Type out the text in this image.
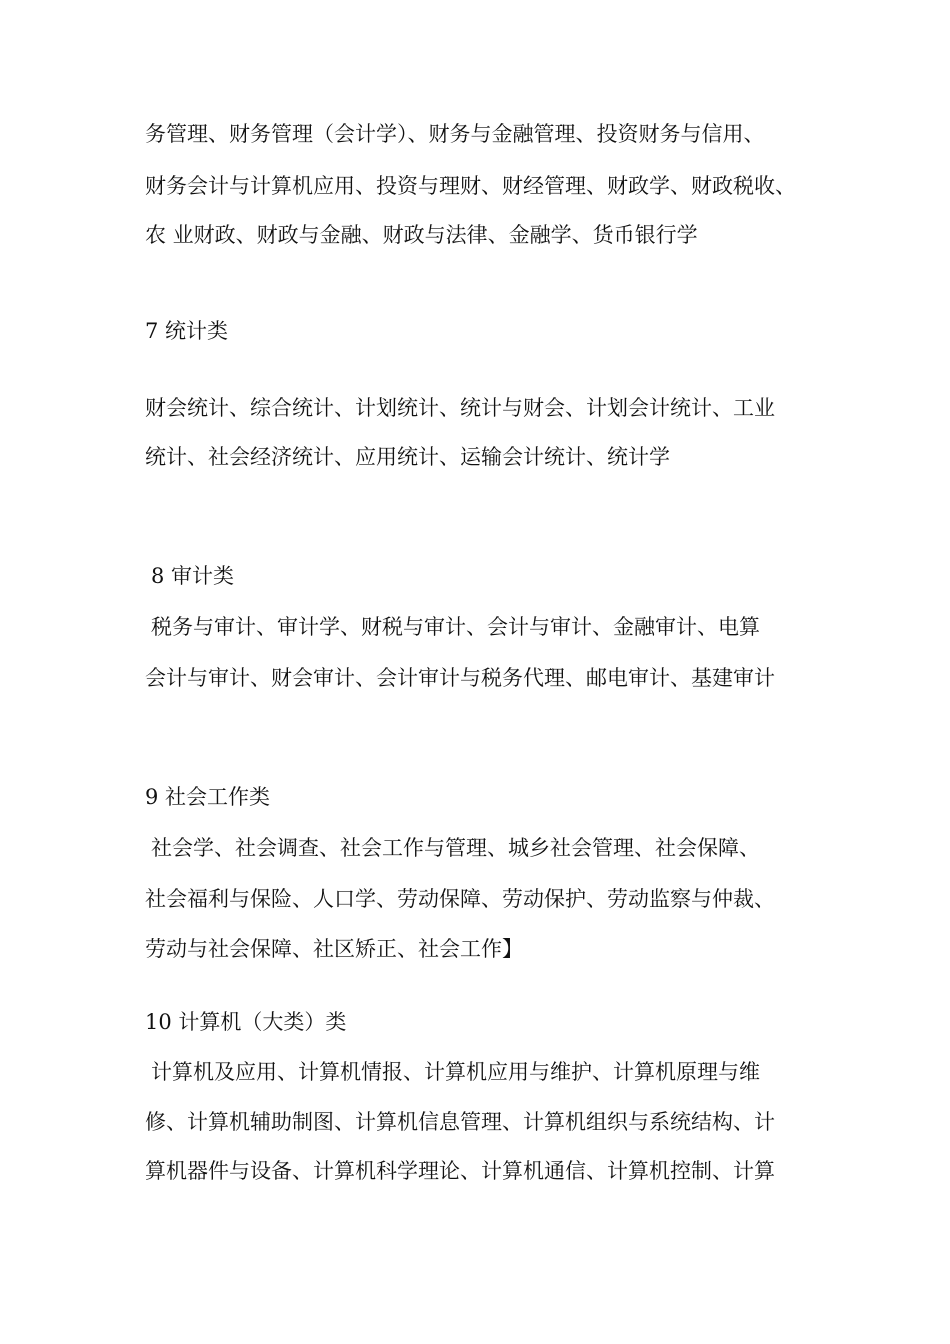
务管理、财务管理（会计学）、财务与金融管理、投资财务与信用、

财务会计与计算机应用、投资与理财、财经管理、财政学、财政税收、

农 业财政、财政与金融、财政与法律、金融学、货币银行学

7 统计类

财会统计、综合统计、计划统计、统计与财会、计划会计统计、工业

统计、社会经济统计、应用统计、运输会计统计、统计学

8 审计类

税务与审计、审计学、财税与审计、会计与审计、金融审计、电算

会计与审计、财会审计、会计审计与税务代理、邮电审计、基建审计

9 社会工作类

社会学、社会调查、社会工作与管理、城乡社会管理、社会保障、

社会福利与保险、人口学、劳动保障、劳动保护、劳动监察与仲裁、

劳动与社会保障、社区矫正、社会工作】

10 计算机（大类）类

计算机及应用、计算机情报、计算机应用与维护、计算机原理与维

修、计算机辅助制图、计算机信息管理、计算机组织与系统结构、计

算机器件与设备、计算机科学理论、计算机通信、计算机控制、计算
